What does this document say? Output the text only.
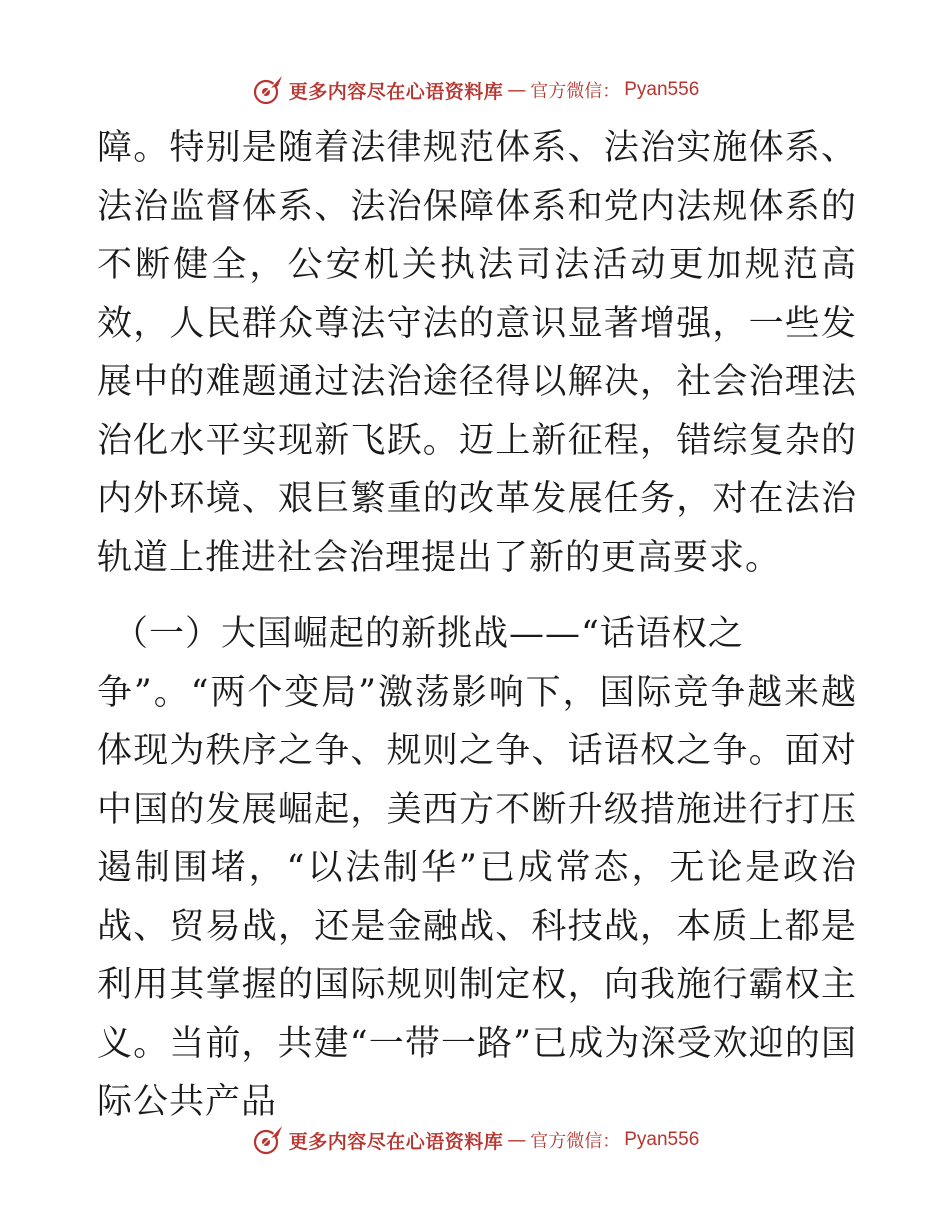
更多内容尽在心语资料库 — 官方微信： Pyan556

障。特别是随着法律规范体系、法治实施体系、法治监督体系、法治保障体系和党内法规体系的不断健全，公安机关执法司法活动更加规范高效，人民群众尊法守法的意识显著增强，一些发展中的难题通过法治途径得以解决，社会治理法治化水平实现新飞跃。迈上新征程，错综复杂的内外环境、艰巨繁重的改革发展任务，对在法治轨道上推进社会治理提出了新的更高要求。

（一）大国崛起的新挑战——“话语权之
争”。“两个变局”激荡影响下，国际竞争越来越体现为秩序之争、规则之争、话语权之争。面对中国的发展崛起，美西方不断升级措施进行打压遏制围堵，“以法制华”已成常态，无论是政治战、贸易战，还是金融战、科技战，本质上都是利用其掌握的国际规则制定权，向我施行霸权主义。当前，共建“一带一路”已成为深受欢迎的国际公共产品

更多内容尽在心语资料库 — 官方微信： Pyan556
